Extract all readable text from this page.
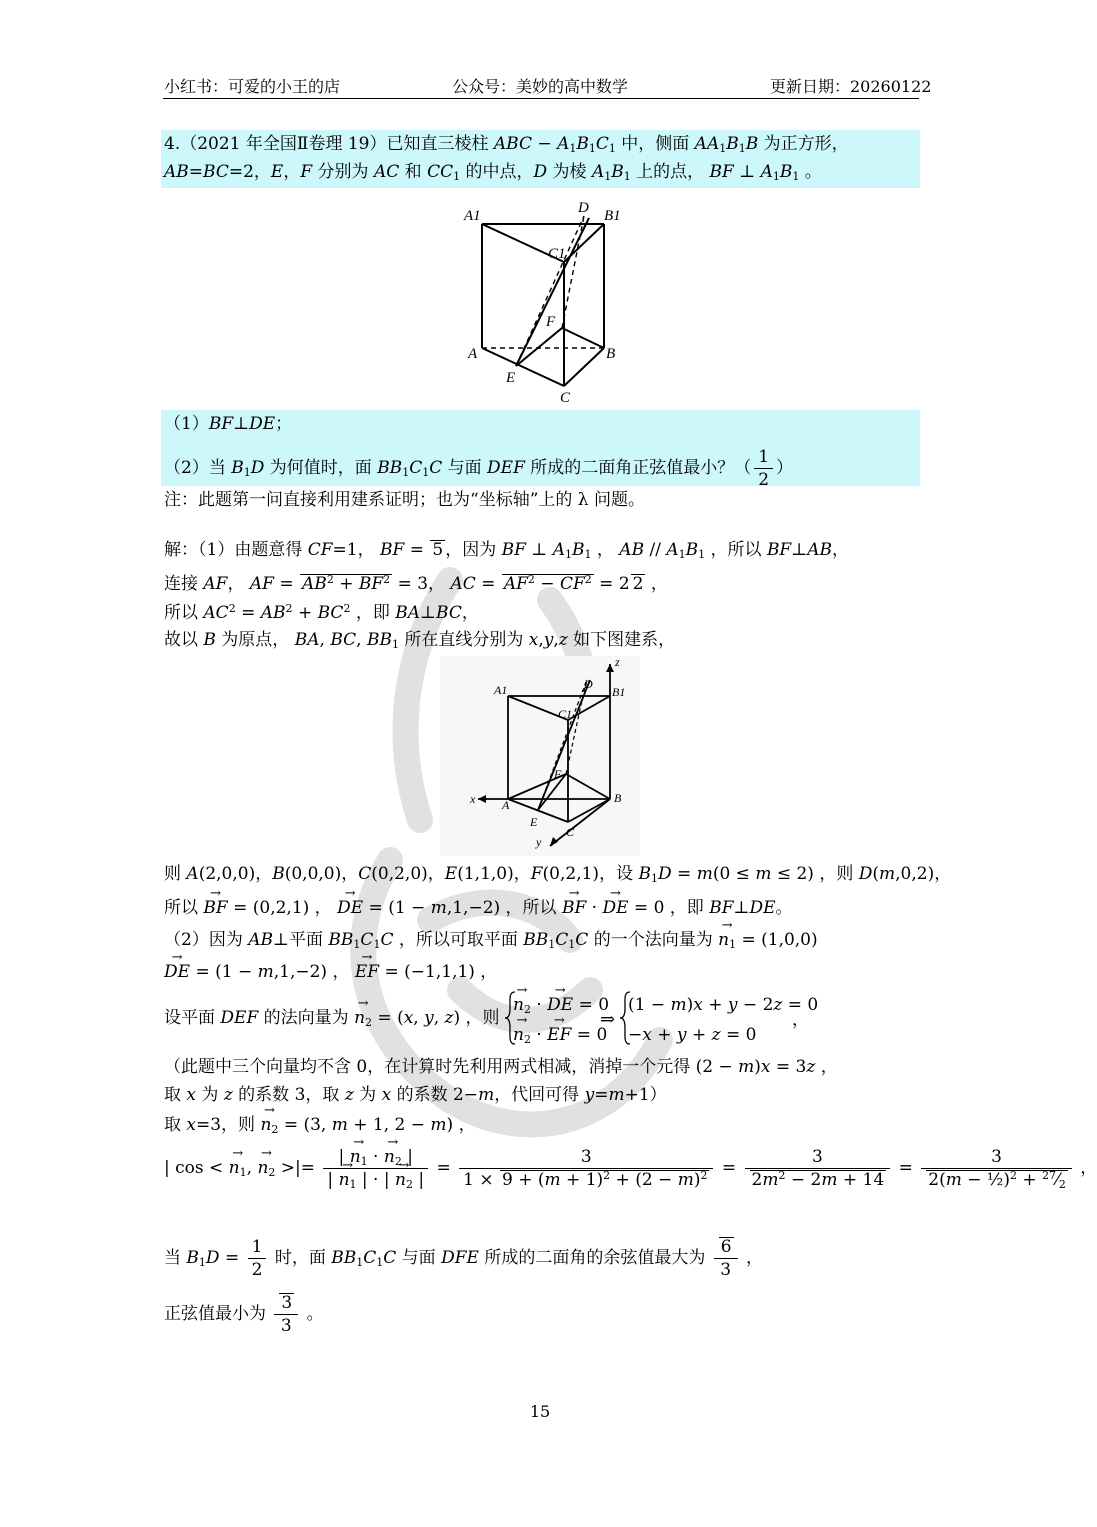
小红书：可爱的小王的店	公众号：美妙的高中数学	更新日期：20260122
4.（2021 年全国Ⅱ卷理 19）已知直三棱柱 ABC − $A_1B_1C_1$ 中，侧面 $AA_1B_1B$ 为正方形，
AB=BC=2，E，F 分别为 AC 和 $CC_1$ 的中点，D 为棱 $A_1B_1$ 上的点， BF ⊥ $A_1B_1$ 。
A1	D B1
C1
F
A	B
E
C
（1）BF⊥DE；
（2）当 $B_1D$ 为何值时，面 $BB_1C_1C$ 与面 DEF 所成的二面角正弦值最小？（ $\frac{1}{2}$ ）
注：此题第一问直接利用建系证明；也为“坐标轴”上的 λ 问题。
解：（1）由题意得 CF=1， BF = 5 ，因为 BF ⊥ $A_1B_1$ ， AB // $A_1B_1$ ，所以 BF⊥AB，
连接 AF， AF = $AB^2 + BF^2 = 3$， AC = $AF^2 - CF^2 = 2$ 2 ，
所以 $AC^2 = AB^2 + BC^2$ ，即 BA⊥BC，
故以 B 为原点， BA, BC, $BB_1$ 所在直线分别为 x,y,z 如下图建系，
A1	D
B1
C1
F
A	B
E
C
x
y
z
则 A(2,0,0)，B(0,0,0)，C(0,2,0)，E(1,1,0)，F(0,2,1)，设 $B_1D = m(0 \le m \le 2)$ ，则 D(m,0,2)，
所以 → BF = (0,2,1) ， → DE = (1 − m,1,−2) ，所以 → BF · → DE = 0 ，即 BF⊥DE。
（2）因为 AB⊥平面 $BB_1C_1C$ ，所以可取平面 $BB_1C_1C$ 的一个法向量为 → $n_1 = (1,0,0)$
→ DE = (1 − m,1,−2) ， → EF = (−1,1,1) ，
设平面 DEF 的法向量为 → $n_2 = (x$, y, z) ，则
→ $n_2$ · → DE = 0
→ $n_2$ · → EF = 0
⇒
(1 − m)x + y − 2z = 0
−x + y + z = 0
，
（此题中三个向量均不含 0，在计算时先利用两式相减，消掉一个元得 (2 − m)x = 3z ，
取 x 为 z 的系数 3，取 z 为 x 的系数 2−m，代回可得 y=m+1）
取 x=3，则 → $n_2 = (3$, m + 1, 2 − m) ，
| cos < → $n_1$, → $n_2$ >|= $\frac{| \to n_1 \cdot \to n_2 |}{| \to n_1 | \cdot | \to n_2 |} = \frac{3}{1 \times 9 + (m + 1)^2 + (2 - m)^2} = \frac{3}{2m^2 - 2m + 14} = \frac{3}{2(m - \frac{1}{2})^2 + ^{27}⁄_2}$ ，
当 $B_1D = \frac{1}{2}$ 时，面 $BB_1C_1C$ 与面 DFE 所成的二面角的余弦值最大为 $\frac{6}{3}$ ，
正弦值最小为 $\frac{3}{3}$ 。
15
